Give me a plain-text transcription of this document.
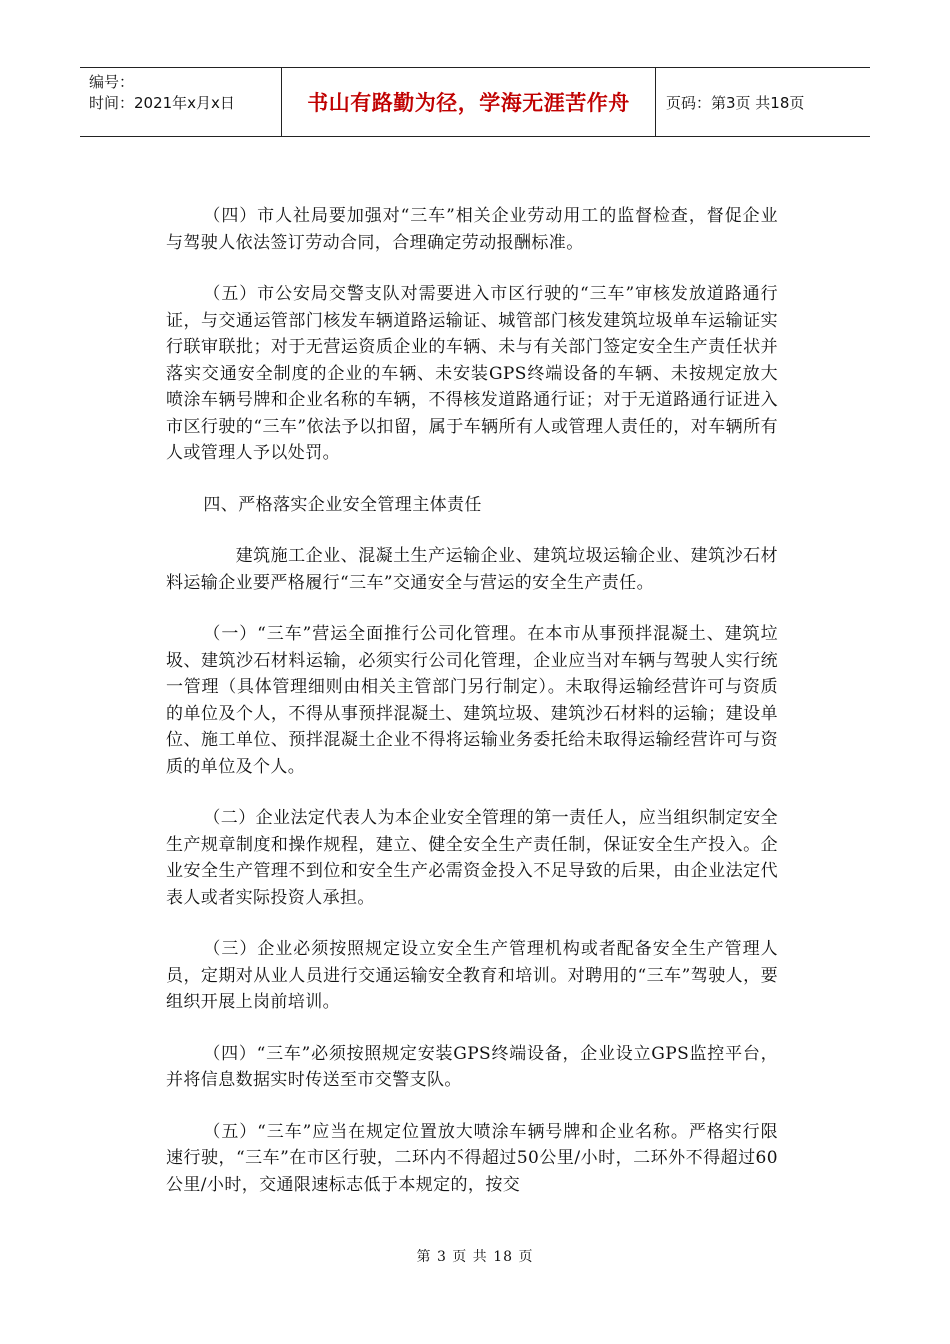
编号：
时间：2021年x月x日	书山有路勤为径，学海无涯苦作舟	页码：第3页 共18页

（四）市人社局要加强对“三车”相关企业劳动用工的监督检查，督促企业与驾驶人依法签订劳动合同，合理确定劳动报酬标准。

（五）市公安局交警支队对需要进入市区行驶的“三车”审核发放道路通行证，与交通运管部门核发车辆道路运输证、城管部门核发建筑垃圾单车运输证实行联审联批；对于无营运资质企业的车辆、未与有关部门签定安全生产责任状并落实交通安全制度的企业的车辆、未安装GPS终端设备的车辆、未按规定放大喷涂车辆号牌和企业名称的车辆，不得核发道路通行证；对于无道路通行证进入市区行驶的“三车”依法予以扣留，属于车辆所有人或管理人责任的，对车辆所有人或管理人予以处罚。

四、严格落实企业安全管理主体责任

建筑施工企业、混凝土生产运输企业、建筑垃圾运输企业、建筑沙石材料运输企业要严格履行“三车”交通安全与营运的安全生产责任。

（一）“三车”营运全面推行公司化管理。在本市从事预拌混凝土、建筑垃圾、建筑沙石材料运输，必须实行公司化管理，企业应当对车辆与驾驶人实行统一管理（具体管理细则由相关主管部门另行制定）。未取得运输经营许可与资质的单位及个人，不得从事预拌混凝土、建筑垃圾、建筑沙石材料的运输；建设单位、施工单位、预拌混凝土企业不得将运输业务委托给未取得运输经营许可与资质的单位及个人。

（二）企业法定代表人为本企业安全管理的第一责任人，应当组织制定安全生产规章制度和操作规程，建立、健全安全生产责任制，保证安全生产投入。企业安全生产管理不到位和安全生产必需资金投入不足导致的后果，由企业法定代表人或者实际投资人承担。

（三）企业必须按照规定设立安全生产管理机构或者配备安全生产管理人员，定期对从业人员进行交通运输安全教育和培训。对聘用的“三车”驾驶人，要组织开展上岗前培训。

（四）“三车”必须按照规定安装GPS终端设备，企业设立GPS监控平台，并将信息数据实时传送至市交警支队。

（五）“三车”应当在规定位置放大喷涂车辆号牌和企业名称。严格实行限速行驶，“三车”在市区行驶，二环内不得超过50公里/小时，二环外不得超过60公里/小时，交通限速标志低于本规定的，按交

第 3 页 共 18 页
